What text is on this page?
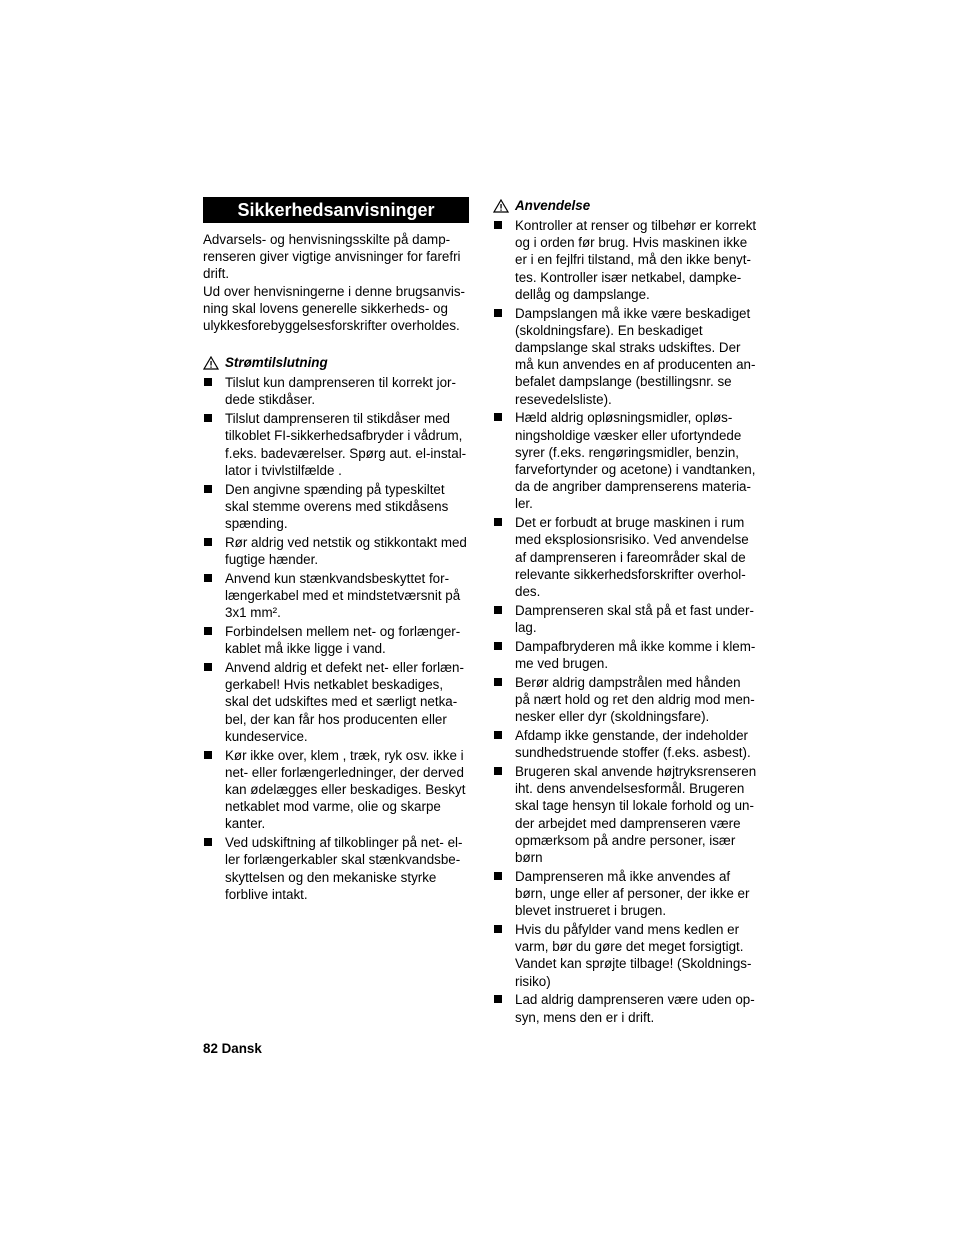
Sikkerhedsanvisninger

Advarsels- og henvisningsskilte på damp-
renseren giver vigtige anvisninger for farefri
drift.
Ud over henvisningerne i denne brugsanvis-
ning skal lovens generelle sikkerheds- og
ulykkesforebyggelsesforskrifter overholdes.

Strømtilslutning
Tilslut kun damprenseren til korrekt jor-
dede stikdåser.
Tilslut damprenseren til stikdåser med
tilkoblet FI-sikkerhedsafbryder i vådrum,
f.eks. badeværelser. Spørg aut. el-instal-
lator i tvivlstilfælde .
Den angivne spænding på typeskiltet
skal stemme overens med stikdåsens
spænding.
Rør aldrig ved netstik og stikkontakt med
fugtige hænder.
Anvend kun stænkvandsbeskyttet for-
længerkabel med et mindstetværsnit på
3x1 mm².
Forbindelsen mellem net- og forlænger-
kablet må ikke ligge i vand.
Anvend aldrig et defekt net- eller forlæn-
gerkabel! Hvis netkablet beskadiges,
skal det udskiftes med et særligt netka-
bel, der kan får hos producenten eller
kundeservice.
Kør ikke over, klem , træk, ryk osv. ikke i
net- eller forlængerledninger, der derved
kan ødelægges eller beskadiges. Beskyt
netkablet mod varme, olie og skarpe
kanter.
Ved udskiftning af tilkoblinger på net- el-
ler forlængerkabler skal stænkvandsbe-
skyttelsen og den mekaniske styrke
forblive intakt.
Anvendelse
Kontroller at renser og tilbehør er korrekt
og i orden før brug. Hvis maskinen ikke
er i en fejlfri tilstand, må den ikke benyt-
tes. Kontroller især netkabel, dampke-
dellåg og dampslange.
Dampslangen må ikke være beskadiget
(skoldningsfare). En beskadiget
dampslange skal straks udskiftes. Der
må kun anvendes en af producenten an-
befalet dampslange (bestillingsnr. se
resevedelsliste).
Hæld aldrig opløsningsmidler, opløs-
ningsholdige væsker eller ufortyndede
syrer (f.eks. rengøringsmidler, benzin,
farvefortynder og acetone) i vandtanken,
da de angriber damprenserens materia-
ler.
Det er forbudt at bruge maskinen i rum
med eksplosionsrisiko. Ved anvendelse
af damprenseren i fareområder skal de
relevante sikkerhedsforskrifter overhol-
des.
Damprenseren skal stå på et fast under-
lag.
Dampafbryderen må ikke komme i klem-
me ved brugen.
Berør aldrig dampstrålen med hånden
på nært hold og ret den aldrig mod men-
nesker eller dyr (skoldningsfare).
Afdamp ikke genstande, der indeholder
sundhedstruende stoffer (f.eks. asbest).
Brugeren skal anvende højtryksrenseren
iht. dens anvendelsesformål. Brugeren
skal tage hensyn til lokale forhold og un-
der arbejdet med damprenseren være
opmærksom på andre personer, især
børn
Damprenseren må ikke anvendes af
børn, unge eller af personer, der ikke er
blevet instrueret i brugen.
Hvis du påfylder vand mens kedlen er
varm, bør du gøre det meget forsigtigt.
Vandet kan sprøjte tilbage! (Skoldnings-
risiko)
Lad aldrig damprenseren være uden op-
syn, mens den er i drift.
82 Dansk
